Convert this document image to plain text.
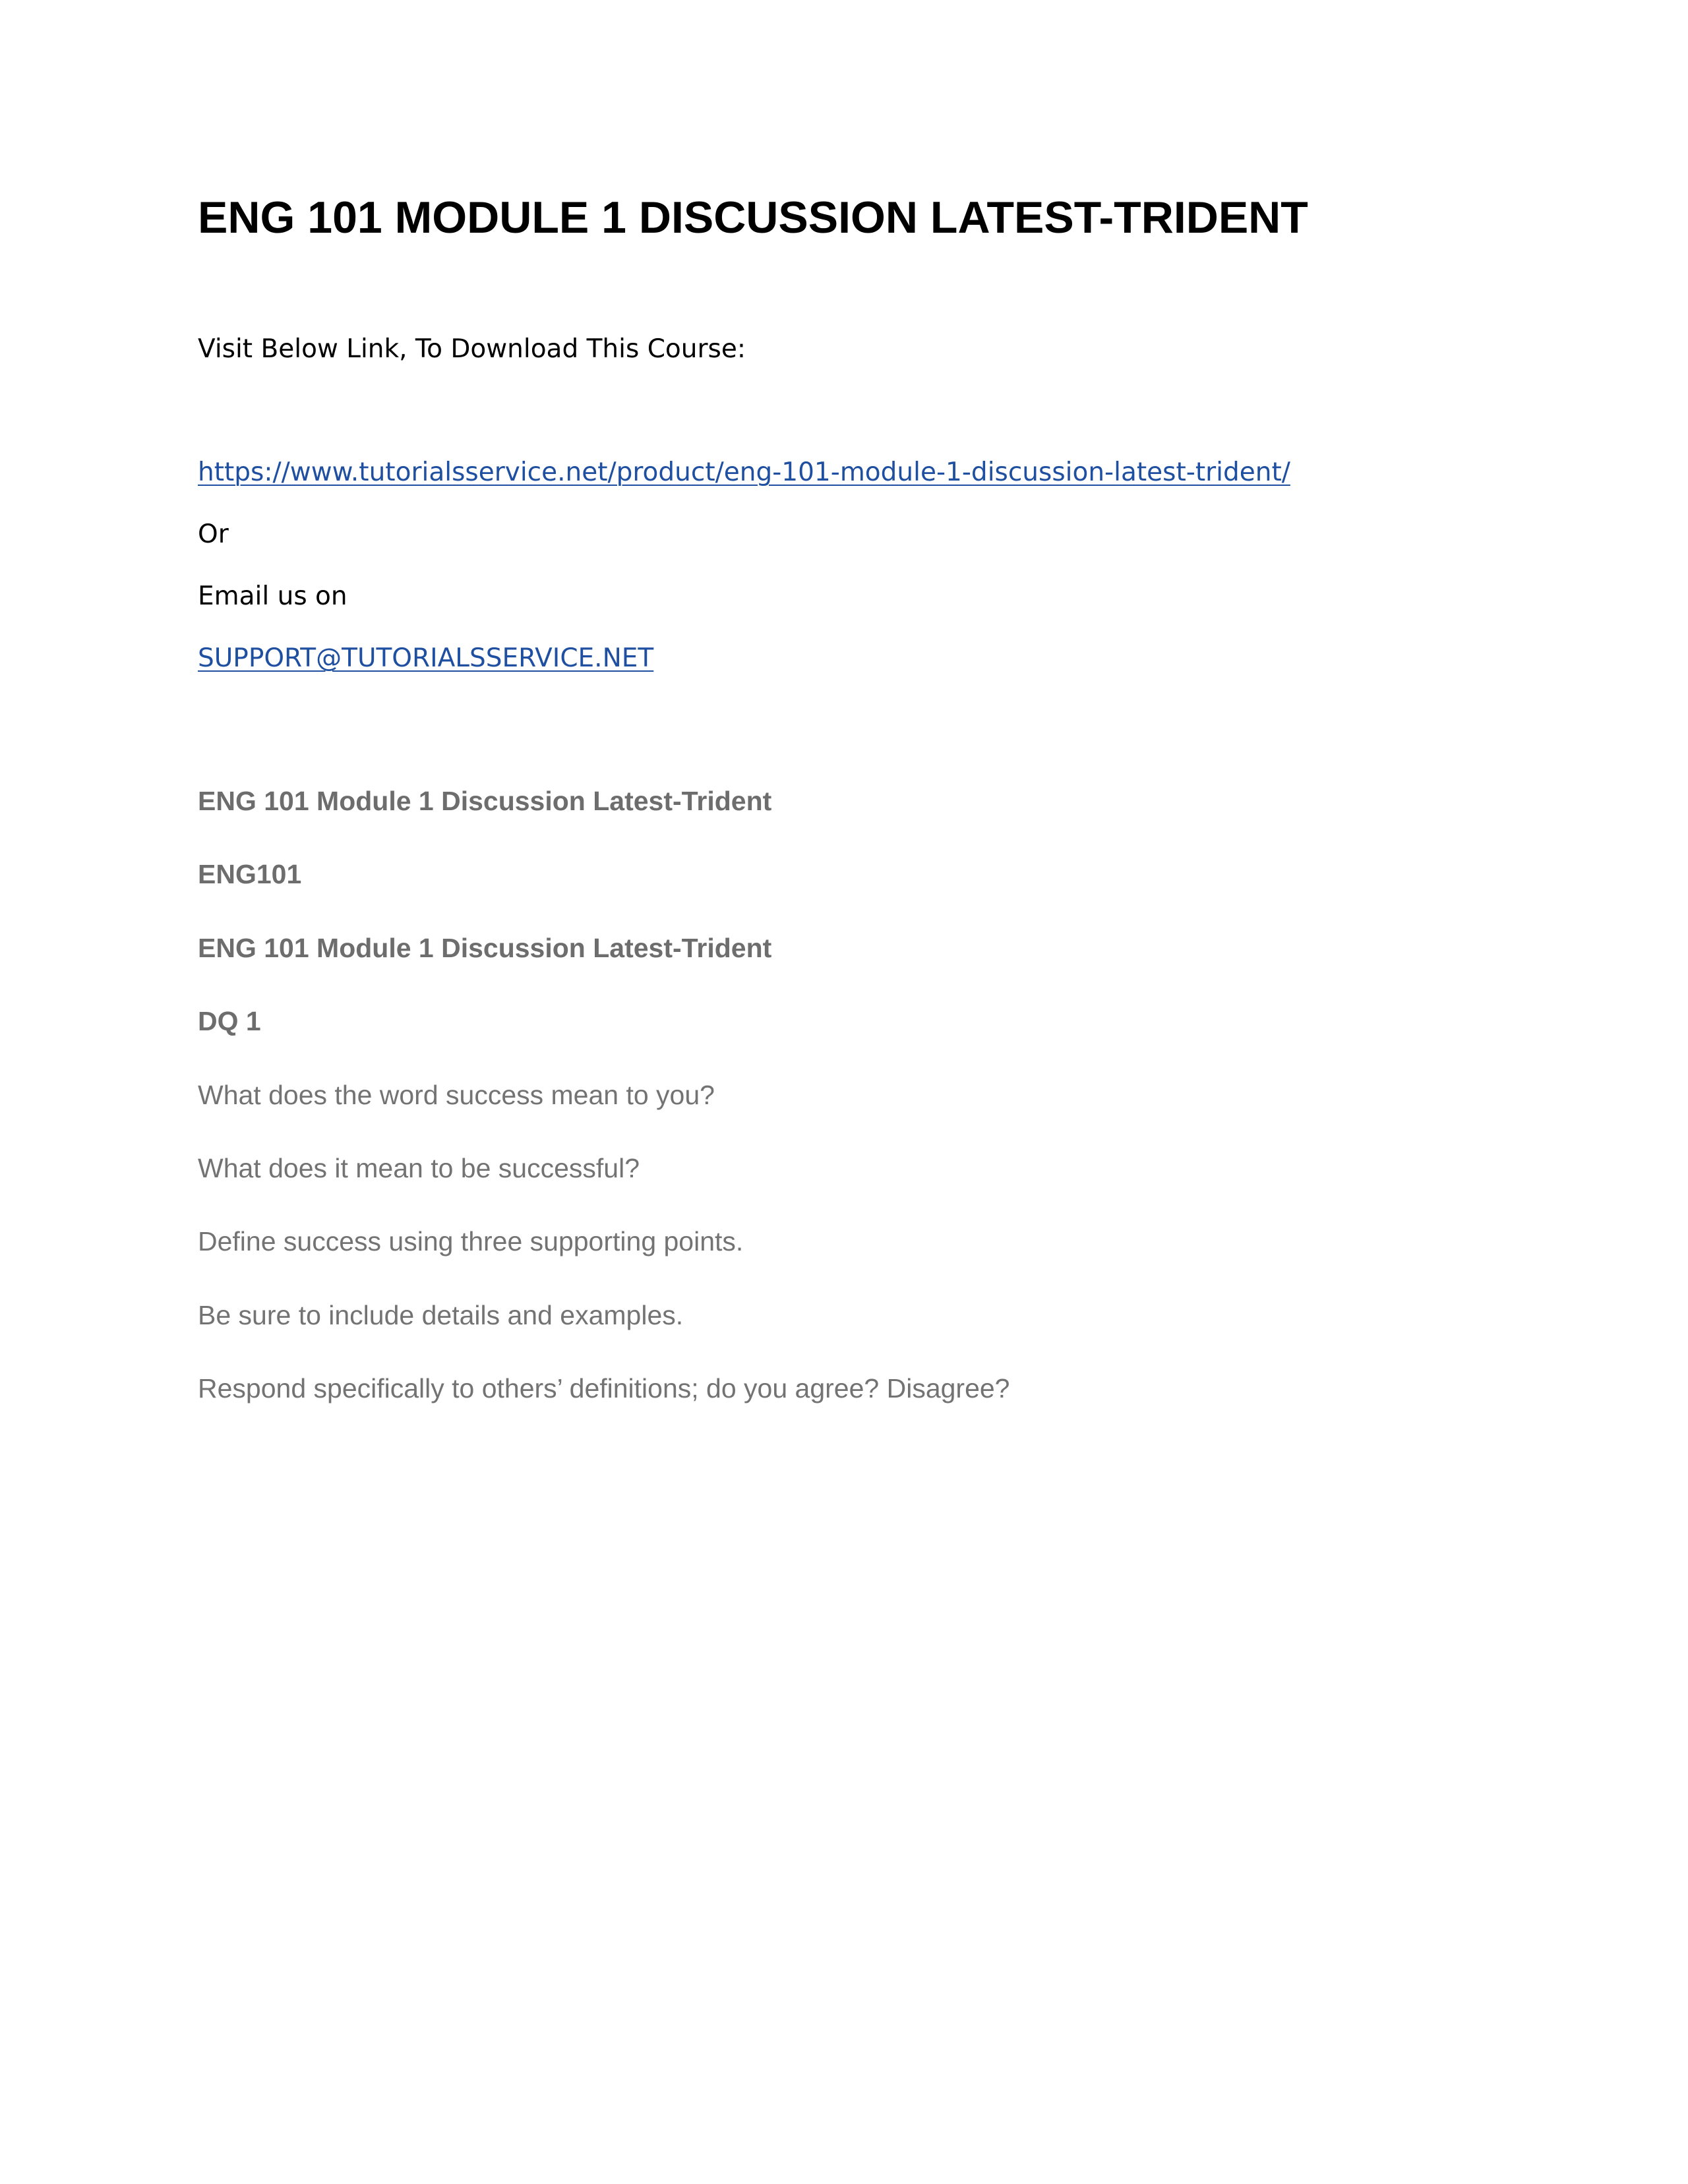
ENG 101 MODULE 1 DISCUSSION LATEST-TRIDENT

Visit Below Link, To Download This Course:

https://www.tutorialsservice.net/product/eng-101-module-1-discussion-latest-trident/

Or

Email us on

SUPPORT@TUTORIALSSERVICE.NET

ENG 101 Module 1 Discussion Latest-Trident

ENG101

ENG 101 Module 1 Discussion Latest-Trident

DQ 1

What does the word success mean to you?

What does it mean to be successful?

Define success using three supporting points.

Be sure to include details and examples.

Respond specifically to others’ definitions; do you agree? Disagree?
